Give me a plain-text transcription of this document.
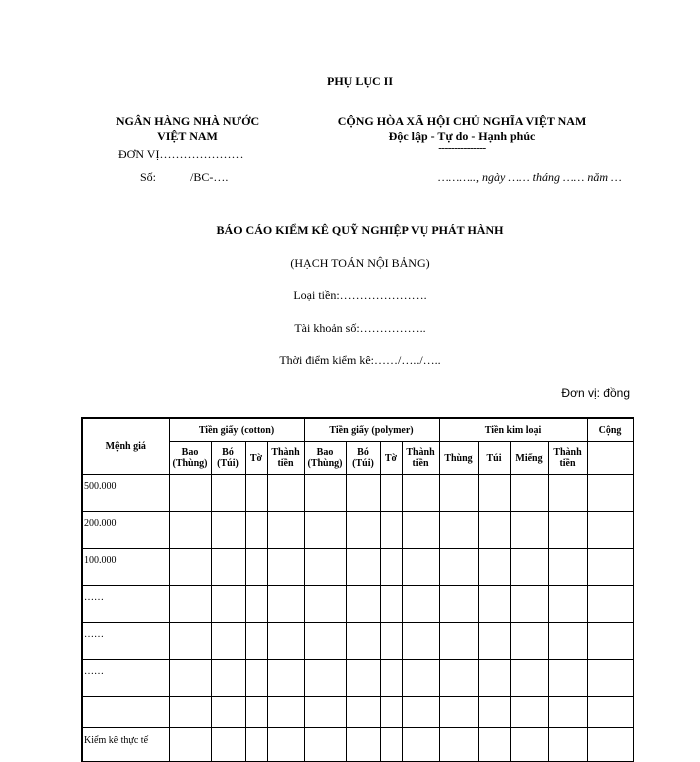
PHỤ LỤC II
NGÂN HÀNG NHÀ NƯỚC
VIỆT NAM
ĐƠN VỊ…………………
Số:	/BC-….
CỘNG HÒA XÃ HỘI CHỦ NGHĨA VIỆT NAM
Độc lập - Tự do - Hạnh phúc
---------------
……….., ngày …… tháng …… năm …
BÁO CÁO KIỂM KÊ QUỸ NGHIỆP VỤ PHÁT HÀNH
(HẠCH TOÁN NỘI BẢNG)
Loại tiền:………………….
Tài khoản số:……………..
Thời điểm kiểm kê:……/…../…..
Đơn vị: đồng
Mệnh giá	Tiền giấy (cotton)				Tiền giấy (polymer)				Tiền kim loại				Cộng
	Bao (Thùng)	Bó (Túi)	Tờ	Thành tiền	Bao (Thùng)	Bó (Túi)	Tờ	Thành tiền	Thùng	Túi	Miếng	Thành tiền	
500.000													
200.000													
100.000													
……													
……													
……													

Kiểm kê thực tế													
